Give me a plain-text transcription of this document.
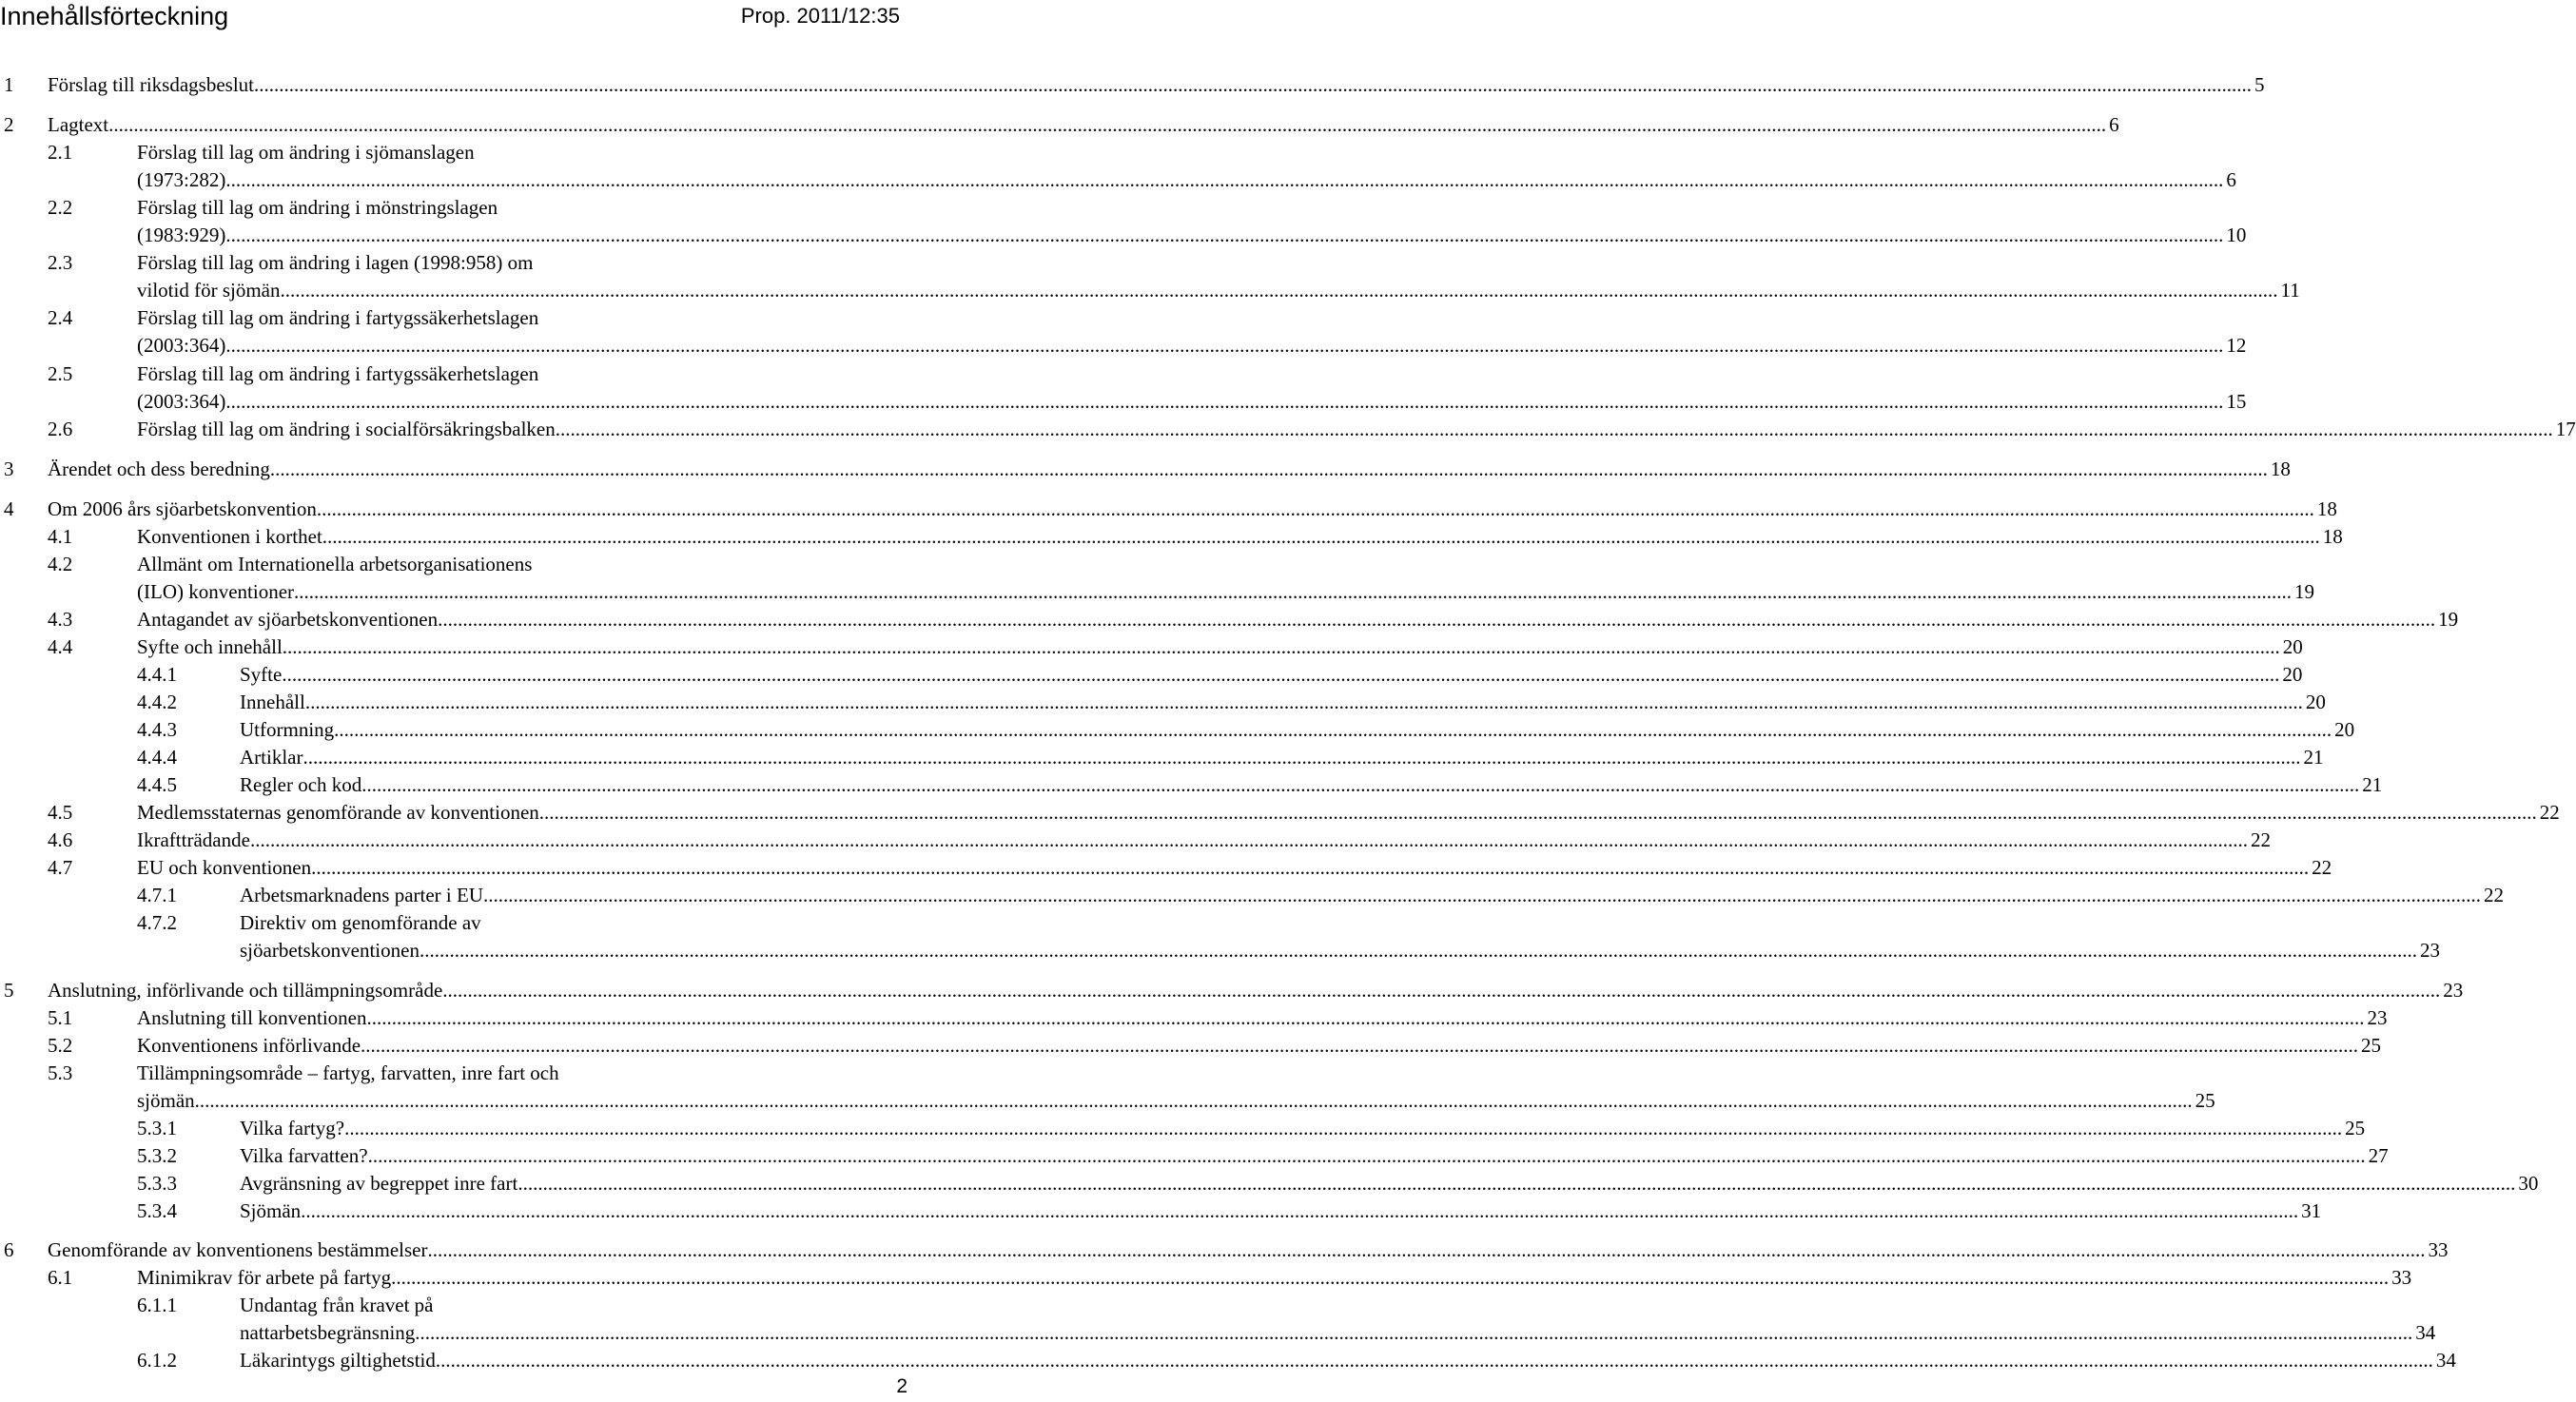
Innehållsförteckning	Prop. 2011/12:35
1 Förslag till riksdagsbeslut ................................................................................................................................................................................................................................................................................................................................................................................................................ 5
2 Lagtext ................................................................................................................................................................................................................................................................................................................................................................................................................ 6
2.1	Förslag till lag om ändring i sjömanslagen
(1973:282) ................................................................................................................................................................................................................................................................................................................................................................................................................ 6
2.2	Förslag till lag om ändring i mönstringslagen
(1983:929) ................................................................................................................................................................................................................................................................................................................................................................................................................ 10
2.3	Förslag till lag om ändring i lagen (1998:958) om
vilotid för sjömän ................................................................................................................................................................................................................................................................................................................................................................................................................ 11
2.4	Förslag till lag om ändring i fartygssäkerhetslagen
(2003:364) ................................................................................................................................................................................................................................................................................................................................................................................................................ 12
2.5	Förslag till lag om ändring i fartygssäkerhetslagen
(2003:364) ................................................................................................................................................................................................................................................................................................................................................................................................................ 15
2.6	Förslag till lag om ändring i socialförsäkringsbalken ................................................................................................................................................................................................................................................................................................................................................................................................................ 17
3 Ärendet och dess beredning ................................................................................................................................................................................................................................................................................................................................................................................................................ 18
4 Om 2006 års sjöarbetskonvention ................................................................................................................................................................................................................................................................................................................................................................................................................ 18
4.1	Konventionen i korthet ................................................................................................................................................................................................................................................................................................................................................................................................................ 18
4.2	Allmänt om Internationella arbetsorganisationens
(ILO) konventioner ................................................................................................................................................................................................................................................................................................................................................................................................................ 19
4.3	Antagandet av sjöarbetskonventionen ................................................................................................................................................................................................................................................................................................................................................................................................................ 19
4.4	Syfte och innehåll ................................................................................................................................................................................................................................................................................................................................................................................................................ 20
4.4.1	Syfte ................................................................................................................................................................................................................................................................................................................................................................................................................ 20
4.4.2	Innehåll ................................................................................................................................................................................................................................................................................................................................................................................................................ 20
4.4.3	Utformning ................................................................................................................................................................................................................................................................................................................................................................................................................ 20
4.4.4	Artiklar ................................................................................................................................................................................................................................................................................................................................................................................................................ 21
4.4.5	Regler och kod ................................................................................................................................................................................................................................................................................................................................................................................................................ 21
4.5	Medlemsstaternas genomförande av konventionen ................................................................................................................................................................................................................................................................................................................................................................................................................ 22
4.6	Ikraftträdande ................................................................................................................................................................................................................................................................................................................................................................................................................ 22
4.7	EU och konventionen ................................................................................................................................................................................................................................................................................................................................................................................................................ 22
4.7.1	Arbetsmarknadens parter i EU ................................................................................................................................................................................................................................................................................................................................................................................................................ 22
4.7.2	Direktiv om genomförande av
sjöarbetskonventionen ................................................................................................................................................................................................................................................................................................................................................................................................................ 23
5 Anslutning, införlivande och tillämpningsområde ................................................................................................................................................................................................................................................................................................................................................................................................................ 23
5.1	Anslutning till konventionen ................................................................................................................................................................................................................................................................................................................................................................................................................ 23
5.2	Konventionens införlivande ................................................................................................................................................................................................................................................................................................................................................................................................................ 25
5.3	Tillämpningsområde – fartyg, farvatten, inre fart och
sjömän ................................................................................................................................................................................................................................................................................................................................................................................................................ 25
5.3.1	Vilka fartyg? ................................................................................................................................................................................................................................................................................................................................................................................................................ 25
5.3.2	Vilka farvatten? ................................................................................................................................................................................................................................................................................................................................................................................................................ 27
5.3.3	Avgränsning av begreppet inre fart ................................................................................................................................................................................................................................................................................................................................................................................................................ 30
5.3.4	Sjömän ................................................................................................................................................................................................................................................................................................................................................................................................................ 31
6 Genomförande av konventionens bestämmelser ................................................................................................................................................................................................................................................................................................................................................................................................................ 33
6.1	Minimikrav för arbete på fartyg ................................................................................................................................................................................................................................................................................................................................................................................................................ 33
6.1.1	Undantag från kravet på
nattarbetsbegränsning ................................................................................................................................................................................................................................................................................................................................................................................................................ 34
6.1.2	Läkarintygs giltighetstid ................................................................................................................................................................................................................................................................................................................................................................................................................ 34
2
